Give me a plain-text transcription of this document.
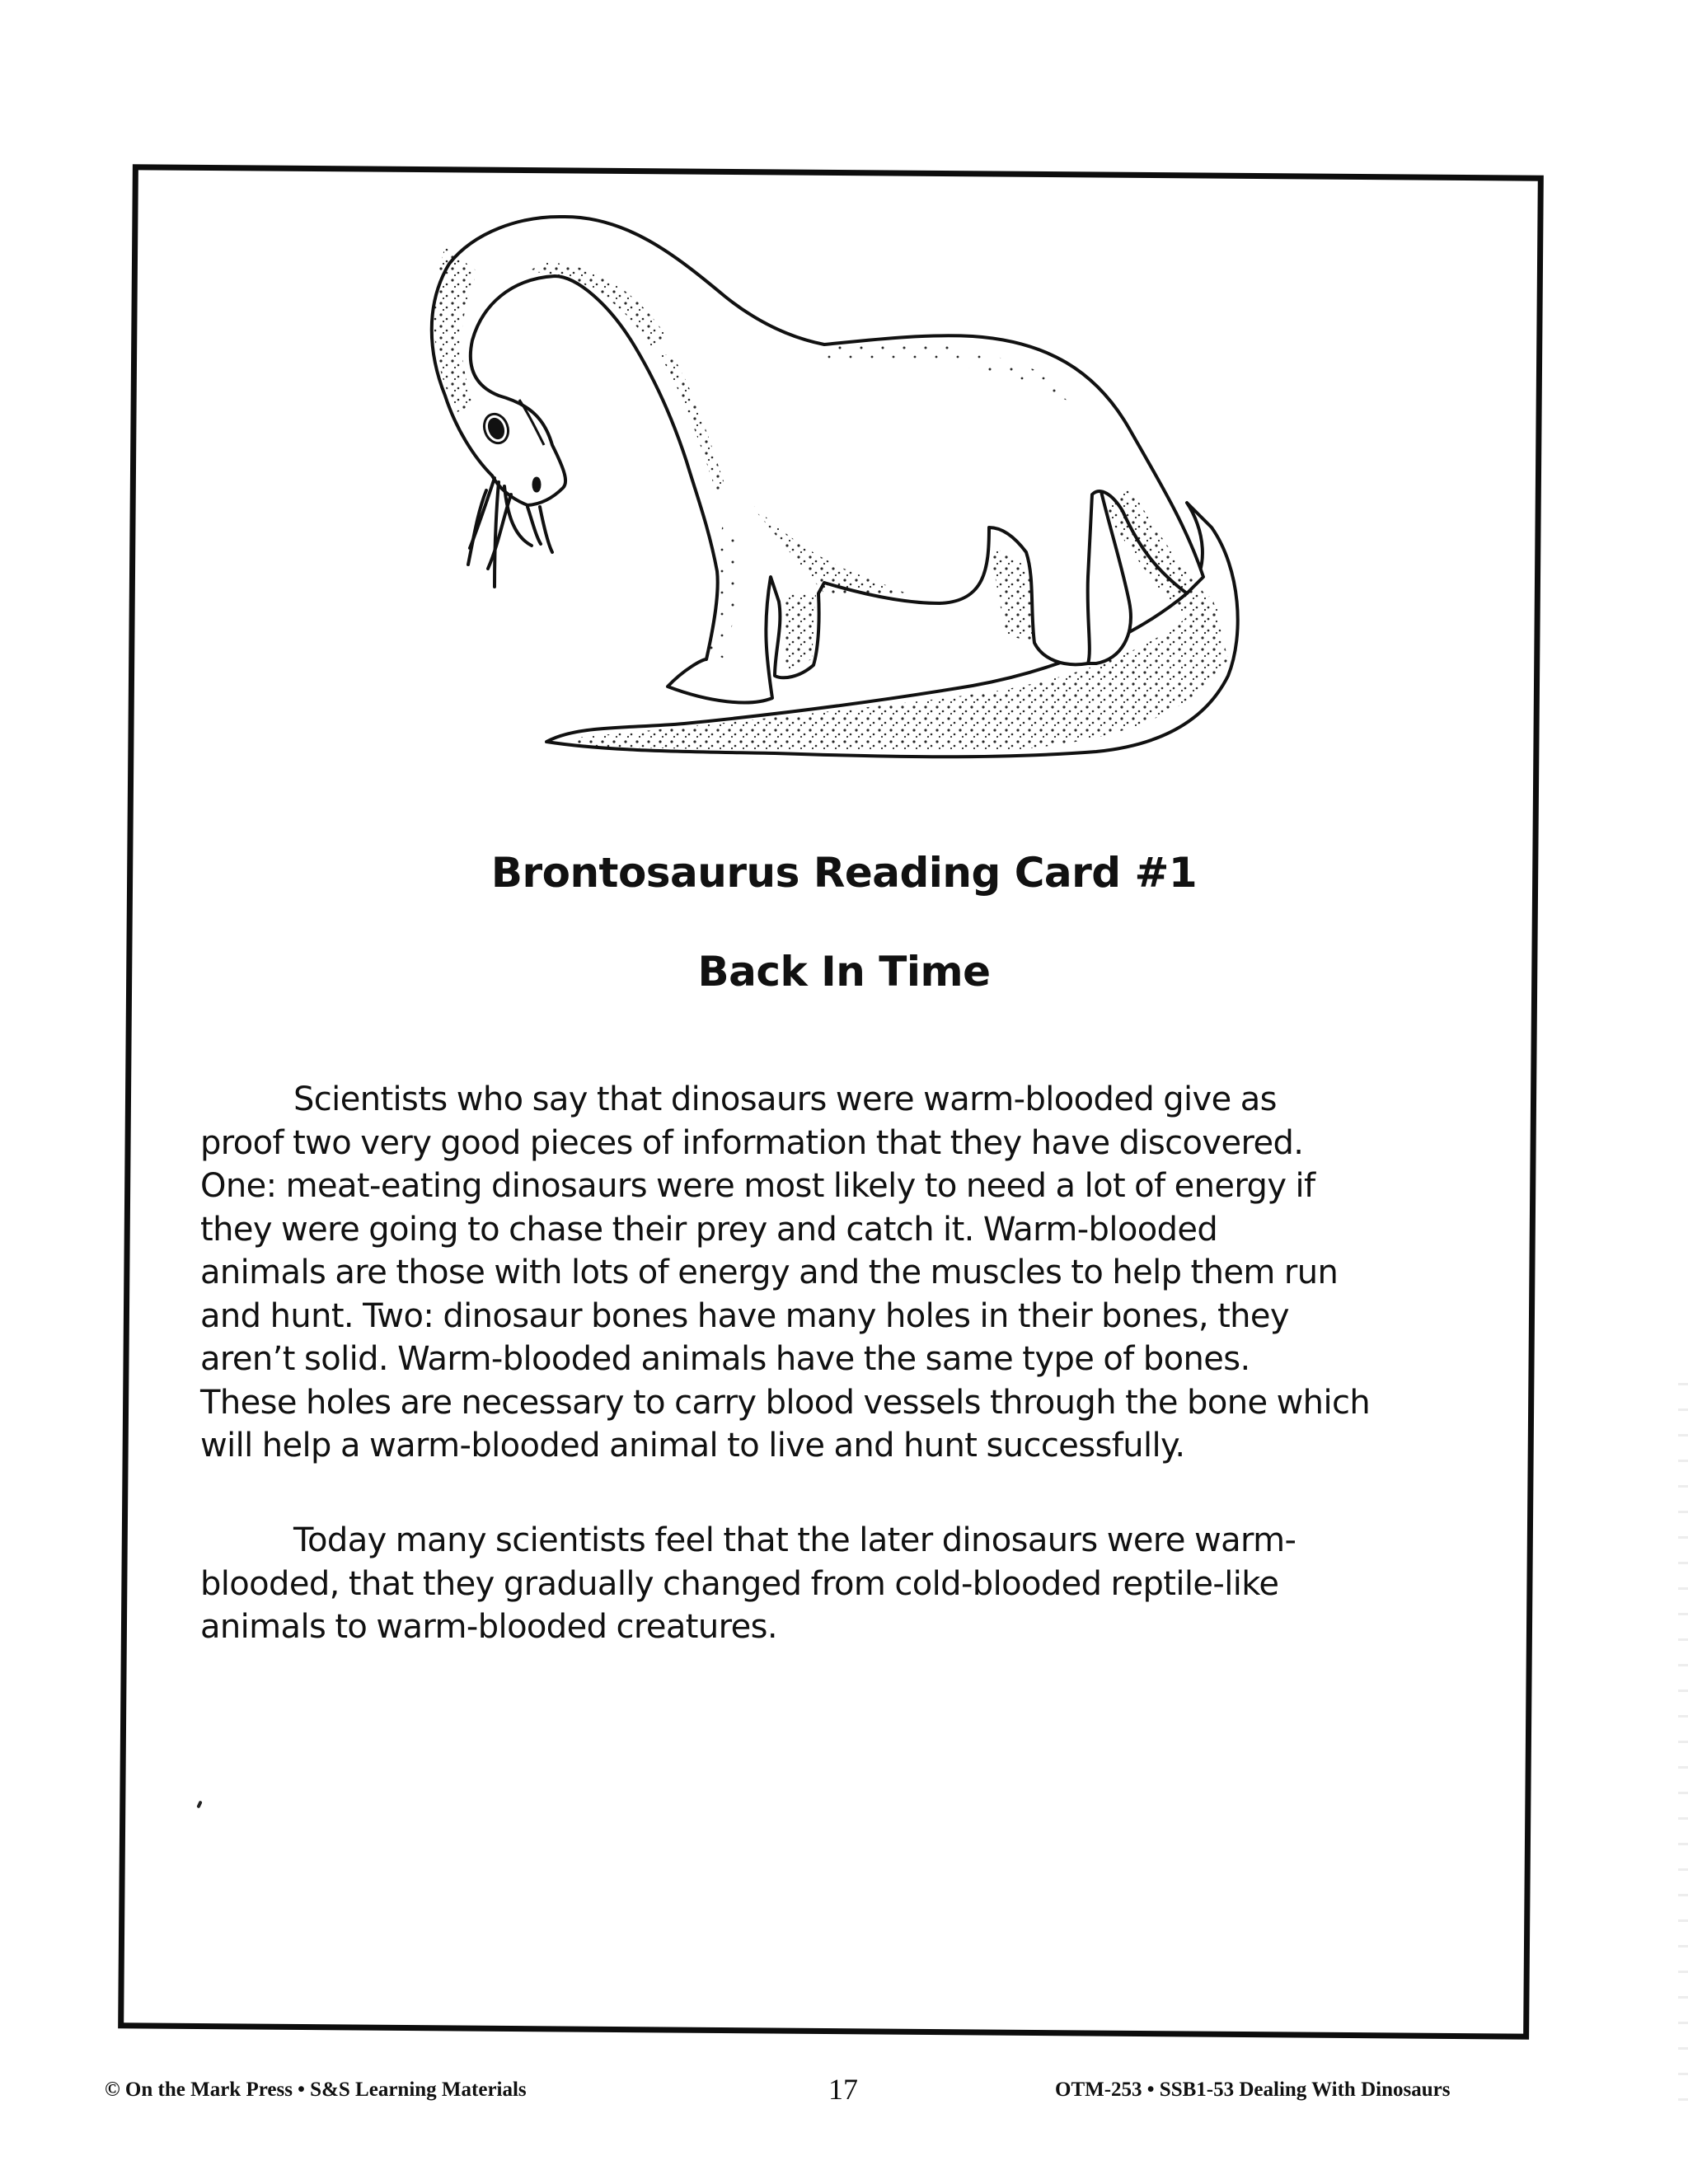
Brontosaurus Reading Card #1
Back In Time
Scientists who say that dinosaurs were warm-blooded give as
proof two very good pieces of information that they have discovered.
One: meat-eating dinosaurs were most likely to need a lot of energy if
they were going to chase their prey and catch it. Warm-blooded
animals are those with lots of energy and the muscles to help them run
and hunt. Two: dinosaur bones have many holes in their bones, they
aren’t solid. Warm-blooded animals have the same type of bones.
These holes are necessary to carry blood vessels through the bone which
will help a warm-blooded animal to live and hunt successfully.
Today many scientists feel that the later dinosaurs were warm-
blooded, that they gradually changed from cold-blooded reptile-like
animals to warm-blooded creatures.
© On the Mark Press • S&S Learning Materials	17	OTM-253 • SSB1-53 Dealing With Dinosaurs
